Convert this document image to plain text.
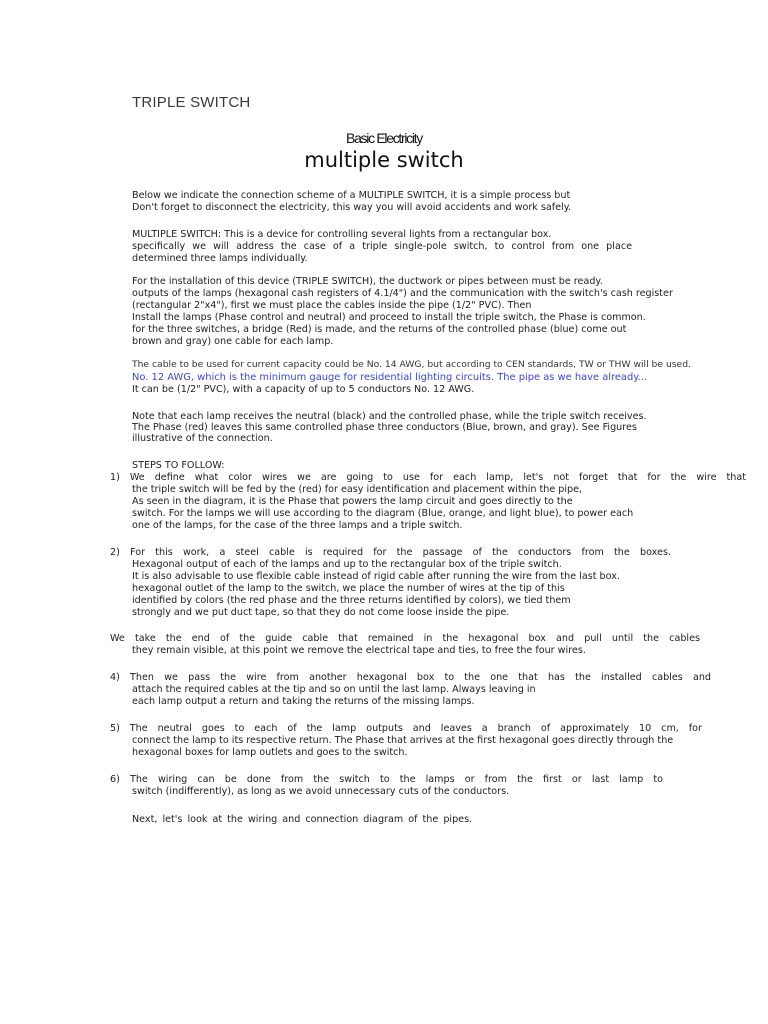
TRIPLE SWITCH
Basic Electricity
multiple switch
Below we indicate the connection scheme of a MULTIPLE SWITCH, it is a simple process but
Don't forget to disconnect the electricity, this way you will avoid accidents and work safely.
MULTIPLE SWITCH: This is a device for controlling several lights from a rectangular box.
specifically we will address the case of a triple single-pole switch, to control from one place
determined three lamps individually.
For the installation of this device (TRIPLE SWITCH), the ductwork or pipes between must be ready.
outputs of the lamps (hexagonal cash registers of 4.1/4") and the communication with the switch's cash register
(rectangular 2"x4"), first we must place the cables inside the pipe (1/2" PVC). Then
Install the lamps (Phase control and neutral) and proceed to install the triple switch, the Phase is common.
for the three switches, a bridge (Red) is made, and the returns of the controlled phase (blue) come out
brown and gray) one cable for each lamp.
The cable to be used for current capacity could be No. 14 AWG, but according to CEN standards, TW or THW will be used.
No. 12 AWG, which is the minimum gauge for residential lighting circuits. The pipe as we have already...
It can be (1/2" PVC), with a capacity of up to 5 conductors No. 12 AWG.
Note that each lamp receives the neutral (black) and the controlled phase, while the triple switch receives.
The Phase (red) leaves this same controlled phase three conductors (Blue, brown, and gray). See Figures
illustrative of the connection.
STEPS TO FOLLOW:
1) We define what color wires we are going to use for each lamp, let's not forget that for the wire that
the triple switch will be fed by the (red) for easy identification and placement within the pipe,
As seen in the diagram, it is the Phase that powers the lamp circuit and goes directly to the
switch. For the lamps we will use according to the diagram (Blue, orange, and light blue), to power each
one of the lamps, for the case of the three lamps and a triple switch.
2) For this work, a steel cable is required for the passage of the conductors from the boxes.
Hexagonal output of each of the lamps and up to the rectangular box of the triple switch.
It is also advisable to use flexible cable instead of rigid cable after running the wire from the last box.
hexagonal outlet of the lamp to the switch, we place the number of wires at the tip of this
identified by colors (the red phase and the three returns identified by colors), we tied them
strongly and we put duct tape, so that they do not come loose inside the pipe.
We take the end of the guide cable that remained in the hexagonal box and pull until the cables
they remain visible, at this point we remove the electrical tape and ties, to free the four wires.
4) Then we pass the wire from another hexagonal box to the one that has the installed cables and
attach the required cables at the tip and so on until the last lamp. Always leaving in
each lamp output a return and taking the returns of the missing lamps.
5) The neutral goes to each of the lamp outputs and leaves a branch of approximately 10 cm, for
connect the lamp to its respective return. The Phase that arrives at the first hexagonal goes directly through the
hexagonal boxes for lamp outlets and goes to the switch.
6) The wiring can be done from the switch to the lamps or from the first or last lamp to
switch (indifferently), as long as we avoid unnecessary cuts of the conductors.
Next, let's look at the wiring and connection diagram of the pipes.
